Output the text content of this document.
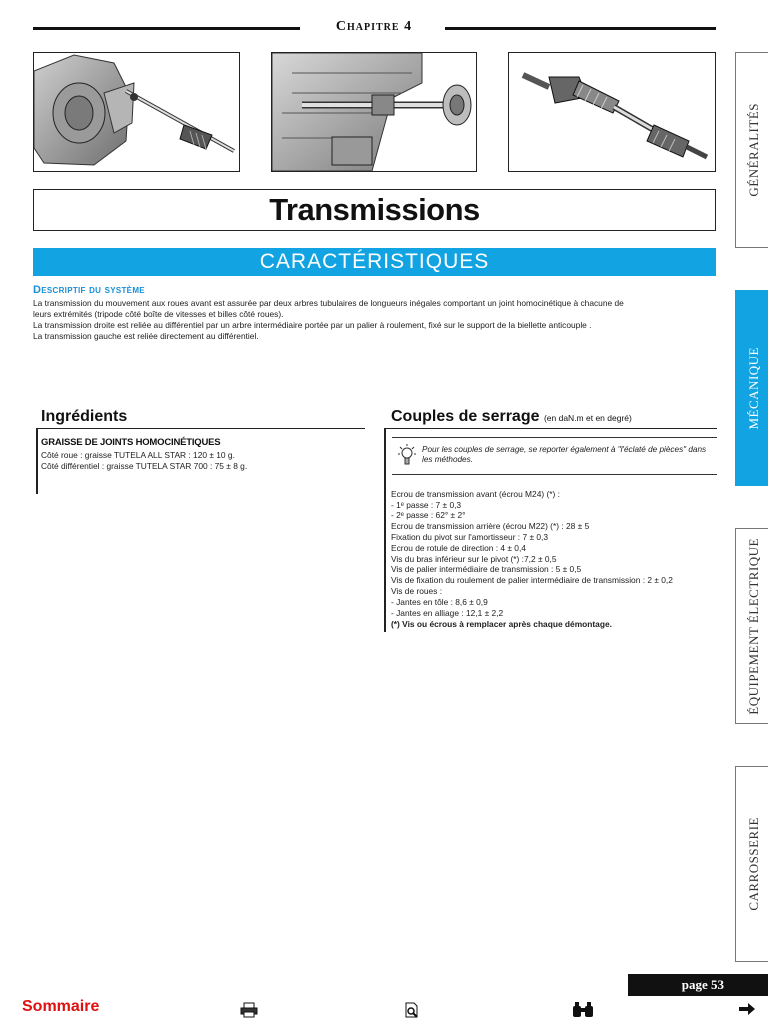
Chapitre 4
Transmissions
CARACTÉRISTIQUES
Descriptif du système
La transmission du mouvement aux roues avant est assurée par deux arbres tubulaires de longueurs inégales comportant un joint homocinétique à chacune de
leurs extrémités (tripode côté boîte de vitesses et billes côté roues).
La transmission droite est reliée au différentiel par un arbre intermédiaire portée par un palier à roulement, fixé sur le support de la biellette anticouple .
La transmission gauche est reliée directement au différentiel.
Ingrédients
GRAISSE DE JOINTS HOMOCINÉTIQUES
Côté roue : graisse TUTELA ALL STAR : 120 ± 10 g.
Côté différentiel : graisse TUTELA STAR 700 : 75 ± 8 g.
Couples de serrage (en daN.m et en degré)
Pour les couples de serrage, se reporter également à "l'éclaté de pièces" dans les méthodes.
Ecrou de transmission avant (écrou M24) (*) :
- 1ᵉ passe : 7 ± 0,3
- 2ᵉ passe : 62° ± 2°
Ecrou de transmission arrière (écrou M22) (*) : 28 ± 5
Fixation du pivot sur l'amortisseur : 7 ± 0,3
Ecrou de rotule de direction : 4 ± 0,4
Vis du bras inférieur sur le pivot (*) :7,2 ± 0,5
Vis de palier intermédiaire de transmission : 5 ± 0,5
Vis de fixation du roulement de palier intermédiaire de transmission : 2 ± 0,2
Vis de roues :
- Jantes en tôle : 8,6 ± 0,9
- Jantes en alliage : 12,1 ± 2,2
(*) Vis ou écrous à remplacer après chaque démontage.
GÉNÉRALITÉS
MÉCANIQUE
ÉQUIPEMENT ÉLECTRIQUE
CARROSSERIE
page 53
Sommaire
